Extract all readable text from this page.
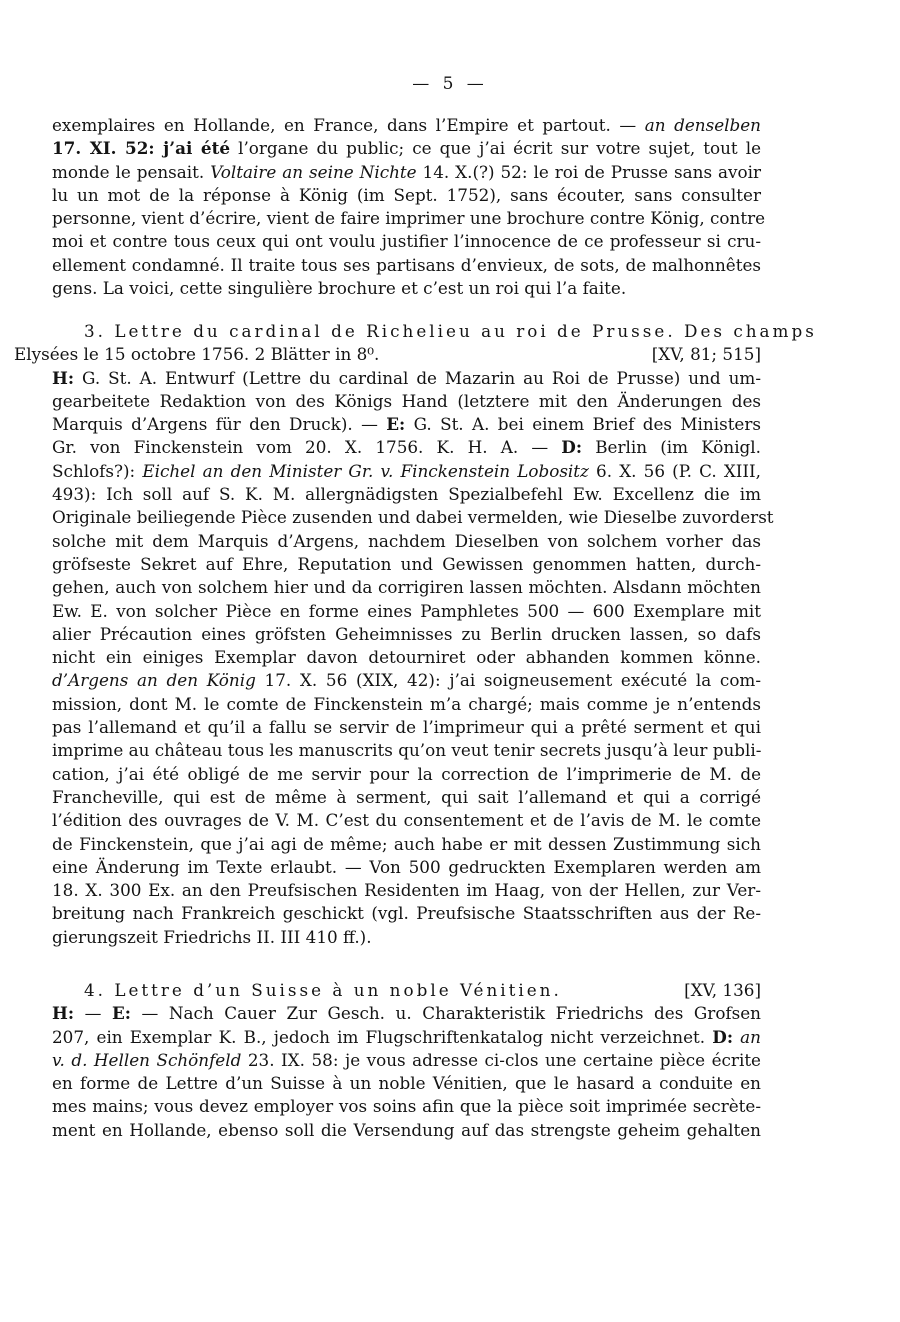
— 5 —
exemplaires en Hollande, en France, dans l’Empire et partout. — an denselben
17. XI. 52: j’ai été l’organe du public; ce que j’ai écrit sur votre sujet, tout le
monde le pensait. Voltaire an seine Nichte 14. X.(?) 52: le roi de Prusse sans avoir
lu un mot de la réponse à König (im Sept. 1752), sans écouter, sans consulter
personne, vient d’écrire, vient de faire imprimer une brochure contre König, contre
moi et contre tous ceux qui ont voulu justifier l’innocence de ce professeur si cru-
ellement condamné. Il traite tous ses partisans d’envieux, de sots, de malhonnêtes
gens. La voici, cette singulière brochure et c’est un roi qui l’a faite.
3. Lettre du cardinal de Richelieu au roi de Prusse. Des champs
Elysées le 15 octobre 1756. 2 Blätter in 8⁰.	[XV, 81; 515]
H: G. St. A. Entwurf (Lettre du cardinal de Mazarin au Roi de Prusse) und um-
gearbeitete Redaktion von des Königs Hand (letztere mit den Änderungen des
Marquis d’Argens für den Druck). — E: G. St. A. bei einem Brief des Ministers
Gr. von Finckenstein vom 20. X. 1756. K. H. A. — D: Berlin (im Königl.
Schlofs?): Eichel an den Minister Gr. v. Finckenstein Lobositz 6. X. 56 (P. C. XIII,
493): Ich soll auf S. K. M. allergnädigsten Spezialbefehl Ew. Excellenz die im
Originale beiliegende Pièce zusenden und dabei vermelden, wie Dieselbe zuvorderst
solche mit dem Marquis d’Argens, nachdem Dieselben von solchem vorher das
gröfseste Sekret auf Ehre, Reputation und Gewissen genommen hatten, durch-
gehen, auch von solchem hier und da corrigiren lassen möchten. Alsdann möchten
Ew. E. von solcher Pièce en forme eines Pamphletes 500 — 600 Exemplare mit
alier Précaution eines gröfsten Geheimnisses zu Berlin drucken lassen, so dafs
nicht ein einiges Exemplar davon detourniret oder abhanden kommen könne.
d’Argens an den König 17. X. 56 (XIX, 42): j’ai soigneusement exécuté la com-
mission, dont M. le comte de Finckenstein m’a chargé; mais comme je n’entends
pas l’allemand et qu’il a fallu se servir de l’imprimeur qui a prêté serment et qui
imprime au château tous les manuscrits qu’on veut tenir secrets jusqu’à leur publi-
cation, j’ai été obligé de me servir pour la correction de l’imprimerie de M. de
Francheville, qui est de même à serment, qui sait l’allemand et qui a corrigé
l’édition des ouvrages de V. M. C’est du consentement et de l’avis de M. le comte
de Finckenstein, que j’ai agi de même; auch habe er mit dessen Zustimmung sich
eine Änderung im Texte erlaubt. — Von 500 gedruckten Exemplaren werden am
18. X. 300 Ex. an den Preufsischen Residenten im Haag, von der Hellen, zur Ver-
breitung nach Frankreich geschickt (vgl. Preufsische Staatsschriften aus der Re-
gierungszeit Friedrichs II. III 410 ff.).
4. Lettre d’un Suisse à un noble Vénitien.	[XV, 136]
H: — E: — Nach Cauer Zur Gesch. u. Charakteristik Friedrichs des Grofsen
207, ein Exemplar K. B., jedoch im Flugschriftenkatalog nicht verzeichnet. D: an
v. d. Hellen Schönfeld 23. IX. 58: je vous adresse ci-clos une certaine pièce écrite
en forme de Lettre d’un Suisse à un noble Vénitien, que le hasard a conduite en
mes mains; vous devez employer vos soins afin que la pièce soit imprimée secrète-
ment en Hollande, ebenso soll die Versendung auf das strengste geheim gehalten
